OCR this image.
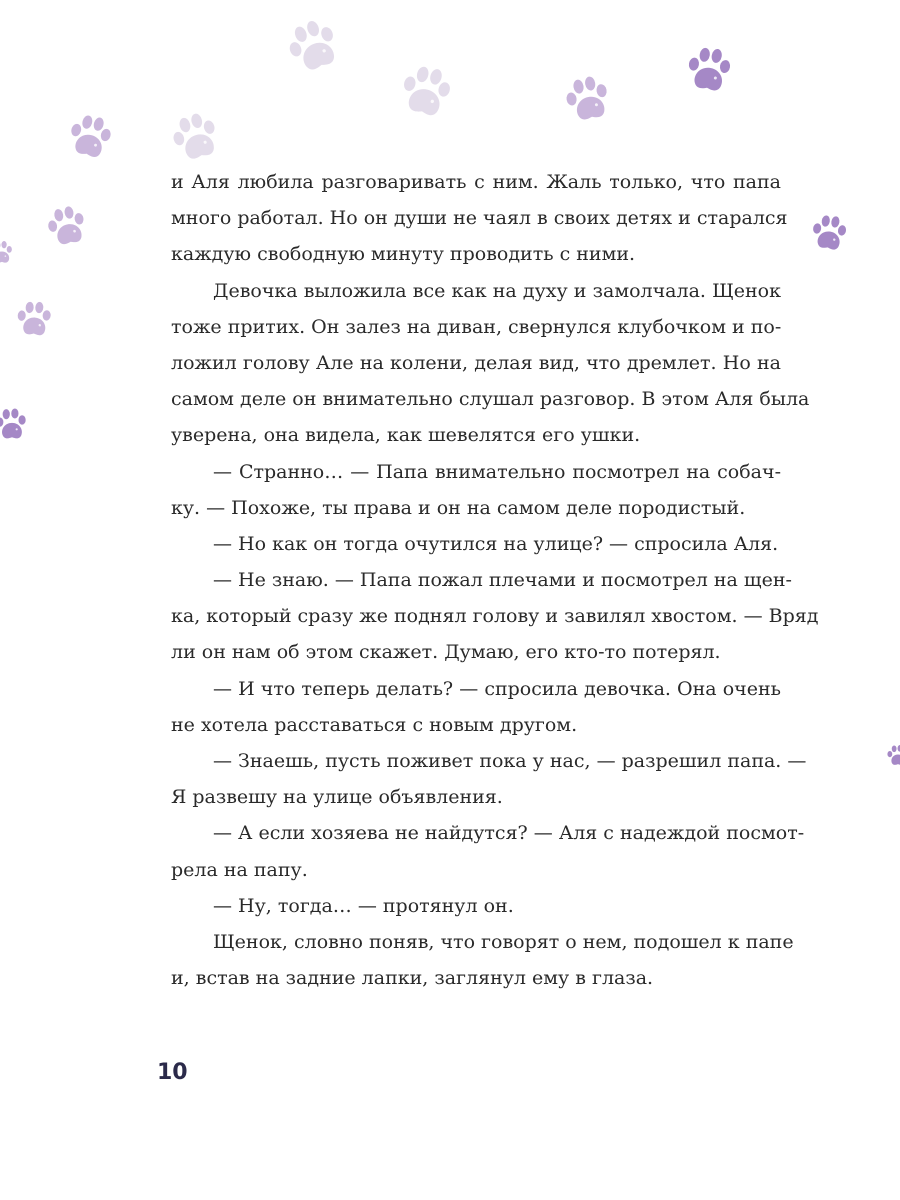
и Аля любила разговаривать с ним. Жаль только, что папа
много работал. Но он души не чаял в своих детях и старался
каждую свободную минуту проводить с ними.
Девочка выложила все как на духу и замолчала. Щенок
тоже притих. Он залез на диван, свернулся клубочком и по-
ложил голову Але на колени, делая вид, что дремлет. Но на
самом деле он внимательно слушал разговор. В этом Аля была
уверена, она видела, как шевелятся его ушки.
— Странно… — Папа внимательно посмотрел на собач-
ку. — Похоже, ты права и он на самом деле породистый.
— Но как он тогда очутился на улице? — спросила Аля.
— Не знаю. — Папа пожал плечами и посмотрел на щен-
ка, который сразу же поднял голову и завилял хвостом. — Вряд
ли он нам об этом скажет. Думаю, его кто-то потерял.
— И что теперь делать? — спросила девочка. Она очень
не хотела расставаться с новым другом.
— Знаешь, пусть поживет пока у нас, — разрешил папа. —
Я развешу на улице объявления.
— А если хозяева не найдутся? — Аля с надеждой посмот-
рела на папу.
— Ну, тогда… — протянул он.
Щенок, словно поняв, что говорят о нем, подошел к папе
и, встав на задние лапки, заглянул ему в глаза.
10
